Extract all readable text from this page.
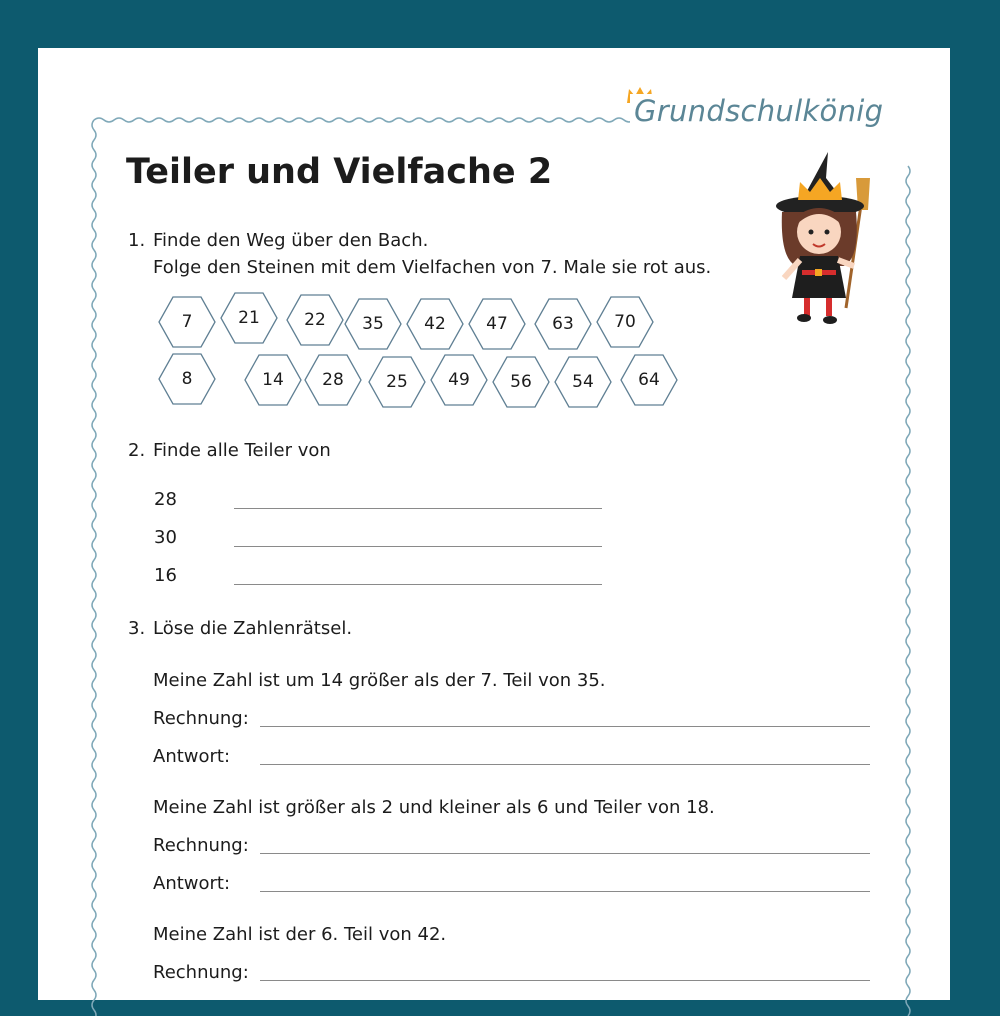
Grundschulkönig
Teiler und Vielfache 2
1. Finde den Weg über den Bach.
Folge den Steinen mit dem Vielfachen von 7. Male sie rot aus.
7	21	22	35	42	47	63	70
8	14	28	25	49	56	54	64
2. Finde alle Teiler von
28
30
16
3. Löse die Zahlenrätsel.
Meine Zahl ist um 14 größer als der 7. Teil von 35.
Rechnung:
Antwort:
Meine Zahl ist größer als 2 und kleiner als 6 und Teiler von 18.
Rechnung:
Antwort:
Meine Zahl ist der 6. Teil von 42.
Rechnung:
